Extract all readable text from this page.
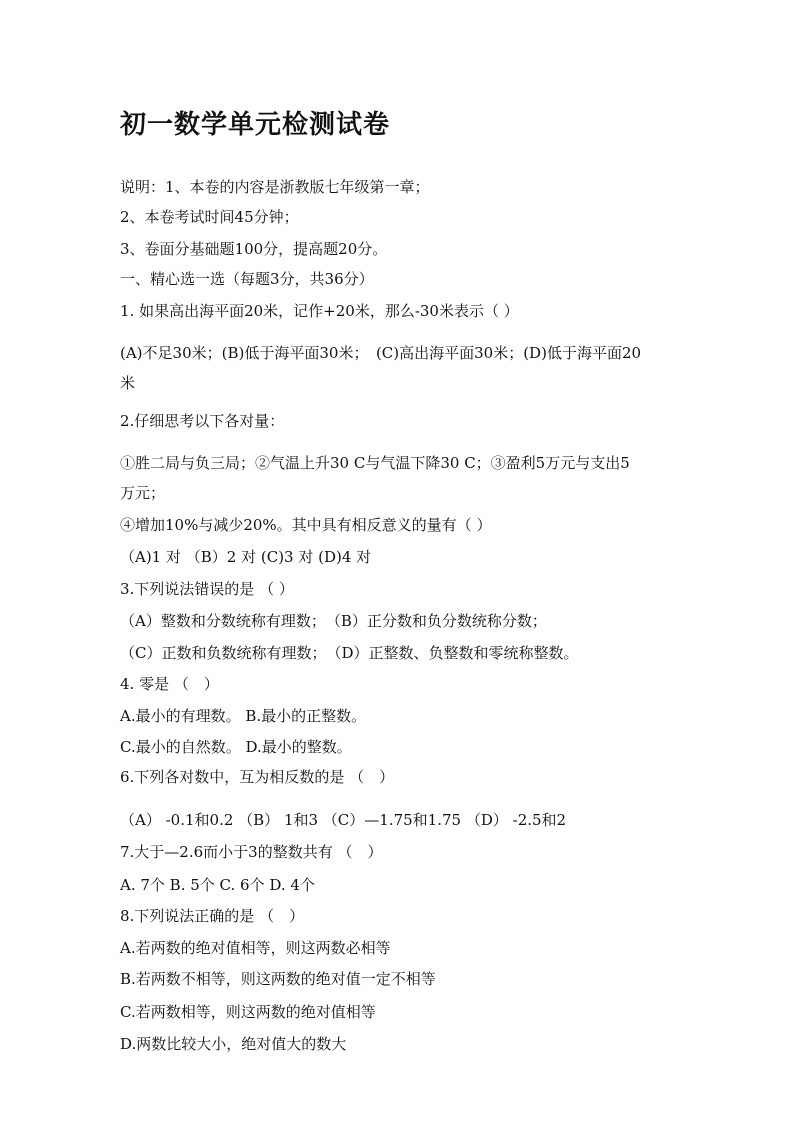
初一数学单元检测试卷
说明：1、本卷的内容是浙教版七年级第一章；
2、本卷考试时间45分钟；
3、卷面分基础题100分，提高题20分。
一、精心选一选（每题3分，共36分）
1. 如果高出海平面20米，记作+20米，那么-30米表示（ ）
(A)不足30米；(B)低于海平面30米；　(C)高出海平面30米；(D)低于海平面20
米
2.仔细思考以下各对量：
①胜二局与负三局；②气温上升30 C与气温下降30 C；③盈利5万元与支出5
万元；
④增加10%与减少20%。其中具有相反意义的量有（ ）
（A)1 对 （B）2 对 (C)3 对 (D)4 对
3.下列说法错误的是 （ ）
（A）整数和分数统称有理数；　（B）正分数和负分数统称分数；
（C）正数和负数统称有理数；　（D）正整数、负整数和零统称整数。
4. 零是 （　）
A.最小的有理数。 B.最小的正整数。
C.最小的自然数。 D.最小的整数。
6.下列各对数中，互为相反数的是 （　）
（A） -0.1和0.2 （B） 1和3 （C）—1.75和1.75 （D） -2.5和2
7.大于—2.6而小于3的整数共有 （　）
A. 7个 B. 5个 C. 6个 D. 4个
8.下列说法正确的是 （　）
A.若两数的绝对值相等，则这两数必相等
B.若两数不相等，则这两数的绝对值一定不相等
C.若两数相等，则这两数的绝对值相等
D.两数比较大小，绝对值大的数大
